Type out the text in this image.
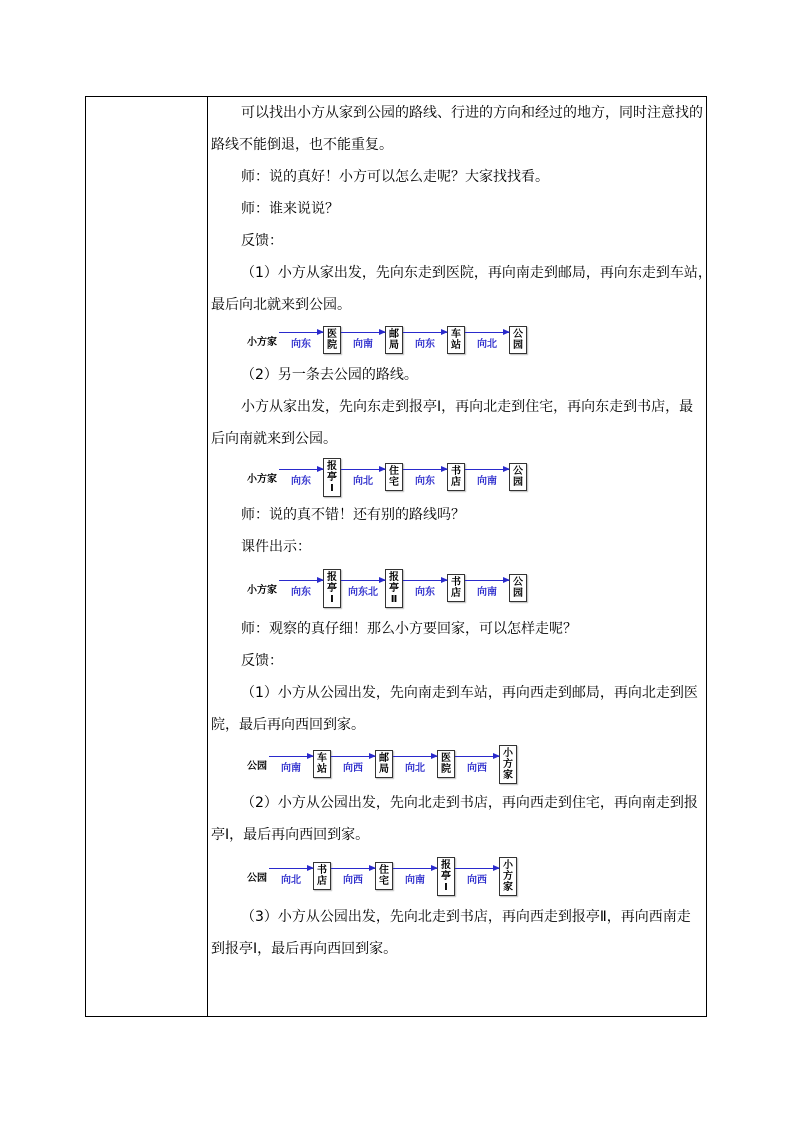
可以找出小方从家到公园的路线、行进的方向和经过的地方，同时注意找的

路线不能倒退，也不能重复。

师：说的真好！小方可以怎么走呢？大家找找看。

师：谁来说说？

反馈：

（1）小方从家出发，先向东走到医院，再向南走到邮局，再向东走到车站，

最后向北就来到公园。

小方家 向东
医
院 向南
邮
局 向东
车
站 向北
公
园

（2）另一条去公园的路线。

小方从家出发，先向东走到报亭Ⅰ，再向北走到住宅，再向东走到书店，最

后向南就来到公园。

小方家 向东
报
亭
Ⅰ
向北
住
宅 向东
书
店 向南
公
园

师：说的真不错！还有别的路线吗？

课件出示：

小方家 向东
报
亭
Ⅰ
向东北
报
亭
Ⅱ
向东
书
店 向南
公
园

师：观察的真仔细！那么小方要回家，可以怎样走呢？

反馈：

（1）小方从公园出发，先向南走到车站，再向西走到邮局，再向北走到医

院，最后再向西回到家。

公园 向南
车
站 向西
邮
局 向北
医
院 向西
小
方
家

（2）小方从公园出发，先向北走到书店，再向西走到住宅，再向南走到报

亭Ⅰ，最后再向西回到家。

公园 向北
书
店 向西
住
宅 向南
报
亭
Ⅰ
向西
小
方
家

（3）小方从公园出发，先向北走到书店，再向西走到报亭Ⅱ，再向西南走

到报亭Ⅰ，最后再向西回到家。
